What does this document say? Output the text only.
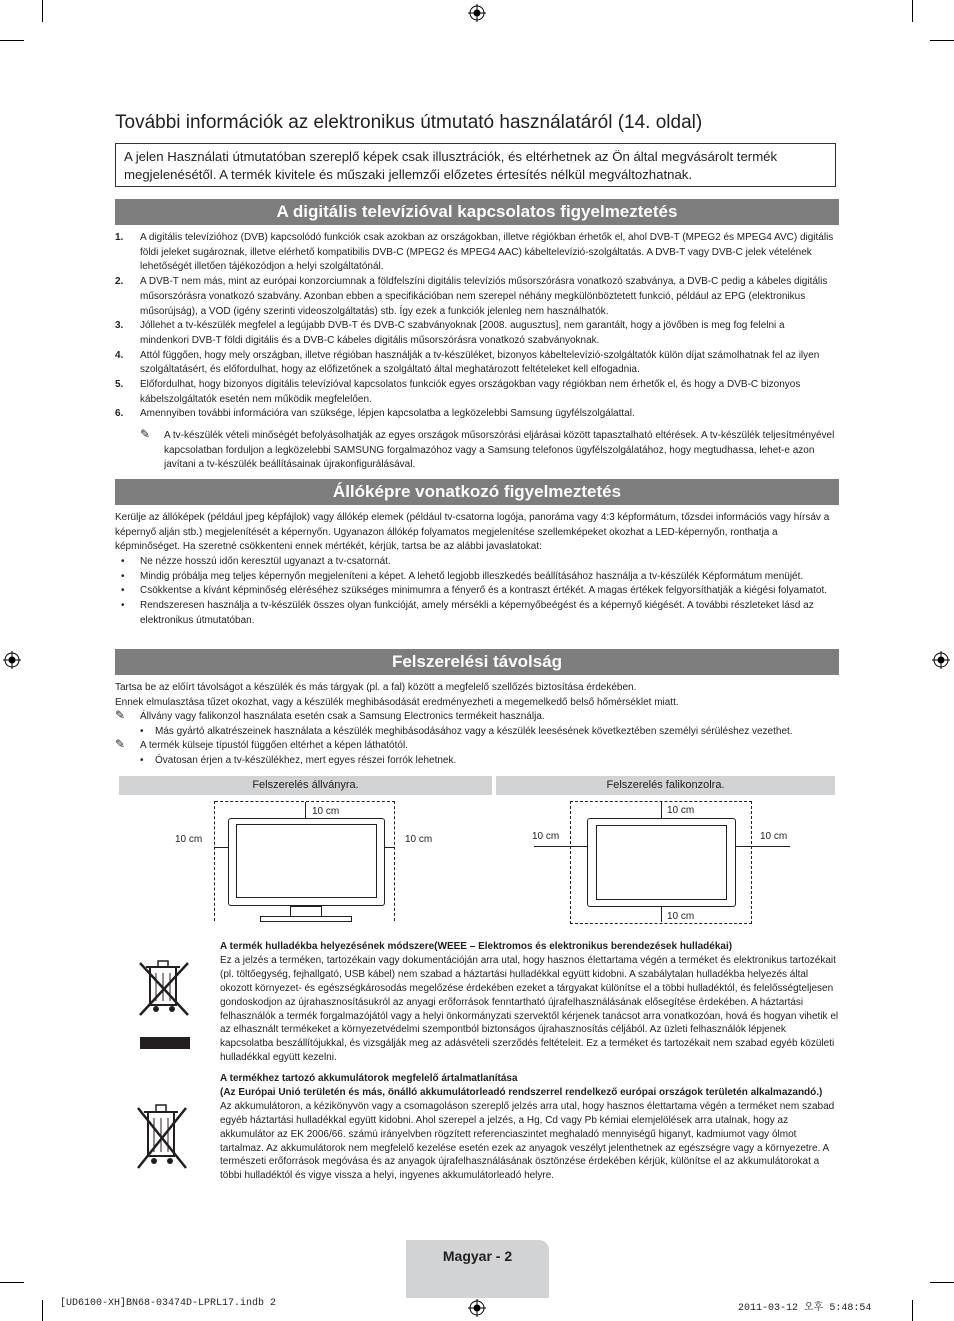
További információk az elektronikus útmutató használatáról (14. oldal)
A jelen Használati útmutatóban szereplő képek csak illusztrációk, és eltérhetnek az Ön által megvásárolt termék megjelenésétől. A termék kivitele és műszaki jellemzői előzetes értesítés nélkül megváltozhatnak.
A digitális televízióval kapcsolatos figyelmeztetés
1. A digitális televízióhoz (DVB) kapcsolódó funkciók csak azokban az országokban, illetve régiókban érhetők el, ahol DVB-T (MPEG2 és MPEG4 AVC) digitális földi jeleket sugároznak, illetve elérhető kompatibilis DVB-C (MPEG2 és MPEG4 AAC) kábeltelevízió-szolgáltatás. A DVB-T vagy DVB-C jelek vételének lehetőségét illetően tájékozódjon a helyi szolgáltatónál.
2. A DVB-T nem más, mint az európai konzorciumnak a földfelszíni digitális televíziós műsorszórásra vonatkozó szabványa, a DVB-C pedig a kábeles digitális műsorszórásra vonatkozó szabvány. Azonban ebben a specifikációban nem szerepel néhány megkülönböztetett funkció, például az EPG (elektronikus műsorújság), a VOD (igény szerinti videoszolgáltatás) stb. Így ezek a funkciók jelenleg nem használhatók.
3. Jóllehet a tv-készülék megfelel a legújabb DVB-T és DVB-C szabványoknak [2008. augusztus], nem garantált, hogy a jövőben is meg fog felelni a mindenkori DVB-T földi digitális és a DVB-C kábeles digitális műsorszórásra vonatkozó szabványoknak.
4. Attól függően, hogy mely országban, illetve régióban használják a tv-készüléket, bizonyos kábeltelevízió-szolgáltatók külön díjat számolhatnak fel az ilyen szolgáltatásért, és előfordulhat, hogy az előfizetőnek a szolgáltató által meghatározott feltételeket kell elfogadnia.
5. Előfordulhat, hogy bizonyos digitális televízióval kapcsolatos funkciók egyes országokban vagy régiókban nem érhetők el, és hogy a DVB-C bizonyos kábelszolgáltatók esetén nem működik megfelelően.
6. Amennyiben további információra van szüksége, lépjen kapcsolatba a legközelebbi Samsung ügyfélszolgálattal.
✎ A tv-készülék vételi minőségét befolyásolhatják az egyes országok műsorszórási eljárásai között tapasztalható eltérések. A tv-készülék teljesítményével kapcsolatban forduljon a legközelebbi SAMSUNG forgalmazóhoz vagy a Samsung telefonos ügyfélszolgálatához, hogy megtudhassa, lehet-e azon javítani a tv-készülék beállításainak újrakonfigurálásával.
Állóképre vonatkozó figyelmeztetés
Kerülje az állóképek (például jpeg képfájlok) vagy állókép elemek (például tv-csatorna logója, panoráma vagy 4:3 képformátum, tőzsdei információs vagy hírsáv a képernyő alján stb.) megjelenítését a képernyőn. Ugyanazon állókép folyamatos megjelenítése szellemképeket okozhat a LED-képernyőn, ronthatja a képminőséget. Ha szeretné csökkenteni ennek mértékét, kérjük, tartsa be az alábbi javaslatokat:
• Ne nézze hosszú időn keresztül ugyanazt a tv-csatornát.
• Mindig próbálja meg teljes képernyőn megjeleníteni a képet. A lehető legjobb illeszkedés beállításához használja a tv-készülék Képformátum menüjét.
• Csökkentse a kívánt képminőség eléréséhez szükséges minimumra a fényerő és a kontraszt értékét. A magas értékek felgyorsíthatják a kiégési folyamatot.
• Rendszeresen használja a tv-készülék összes olyan funkcióját, amely mérsékli a képernyőbeégést és a képernyő kiégését. A további részleteket lásd az elektronikus útmutatóban.
Felszerelési távolság
Tartsa be az előírt távolságot a készülék és más tárgyak (pl. a fal) között a megfelelő szellőzés biztosítása érdekében.
Ennek elmulasztása tűzet okozhat, vagy a készülék meghibásodását eredményezheti a megemelkedő belső hőmérséklet miatt.
✎ Állvány vagy falikonzol használata esetén csak a Samsung Electronics termékeit használja.
• Más gyártó alkatrészeinek használata a készülék meghibásodásához vagy a készülék leesésének következtében személyi sérüléshez vezethet.
✎ A termék külseje típustól függően eltérhet a képen láthatótól.
• Óvatosan érjen a tv-készülékhez, mert egyes részei forrók lehetnek.
Felszerelés állványra.	Felszerelés falikonzolra.
10 cm
10 cm	10 cm
10 cm
10 cm	10 cm
10 cm
A termék hulladékba helyezésének módszere(WEEE – Elektromos és elektronikus berendezések hulladékai)
Ez a jelzés a terméken, tartozékain vagy dokumentációján arra utal, hogy hasznos élettartama végén a terméket és elektronikus tartozékait (pl. töltőegység, fejhallgató, USB kábel) nem szabad a háztartási hulladékkal együtt kidobni. A szabálytalan hulladékba helyezés által okozott környezet- és egészségkárosodás megelőzése érdekében ezeket a tárgyakat különítse el a többi hulladéktól, és felelősségteljesen gondoskodjon az újrahasznosításukról az anyagi erőforrások fenntartható újrafelhasználásának elősegítése érdekében. A háztartási felhasználók a termék forgalmazójától vagy a helyi önkormányzati szervektől kérjenek tanácsot arra vonatkozóan, hová és hogyan vihetik el az elhasznált termékeket a környezetvédelmi szempontból biztonságos újrahasznosítás céljából. Az üzleti felhasználók lépjenek kapcsolatba beszállítójukkal, és vizsgálják meg az adásvételi szerződés feltételeit. Ez a terméket és tartozékait nem szabad egyéb közületi hulladékkal együtt kezelni.
A termékhez tartozó akkumulátorok megfelelő ártalmatlanítása
(Az Európai Unió területén és más, önálló akkumulátorleadó rendszerrel rendelkező európai országok területén alkalmazandó.)
Az akkumulátoron, a kézikönyvön vagy a csomagoláson szereplő jelzés arra utal, hogy hasznos élettartama végén a terméket nem szabad egyéb háztartási hulladékkal együtt kidobni. Ahol szerepel a jelzés, a Hg, Cd vagy Pb kémiai elemjelölések arra utalnak, hogy az akkumulátor az EK 2006/66. számú irányelvben rögzített referenciaszintet meghaladó mennyiségű higanyt, kadmiumot vagy ólmot tartalmaz. Az akkumulátorok nem megfelelő kezelése esetén ezek az anyagok veszélyt jelenthetnek az egészségre vagy a környezetre. A természeti erőforrások megóvása és az anyagok újrafelhasználásának ösztönzése érdekében kérjük, különítse el az akkumulátorokat a többi hulladéktól és vigye vissza a helyi, ingyenes akkumulátorleadó helyre.
Magyar - 2
[UD6100-XH]BN68-03474D-LPRL17.indb 2	2011-03-12 오후 5:48:54
